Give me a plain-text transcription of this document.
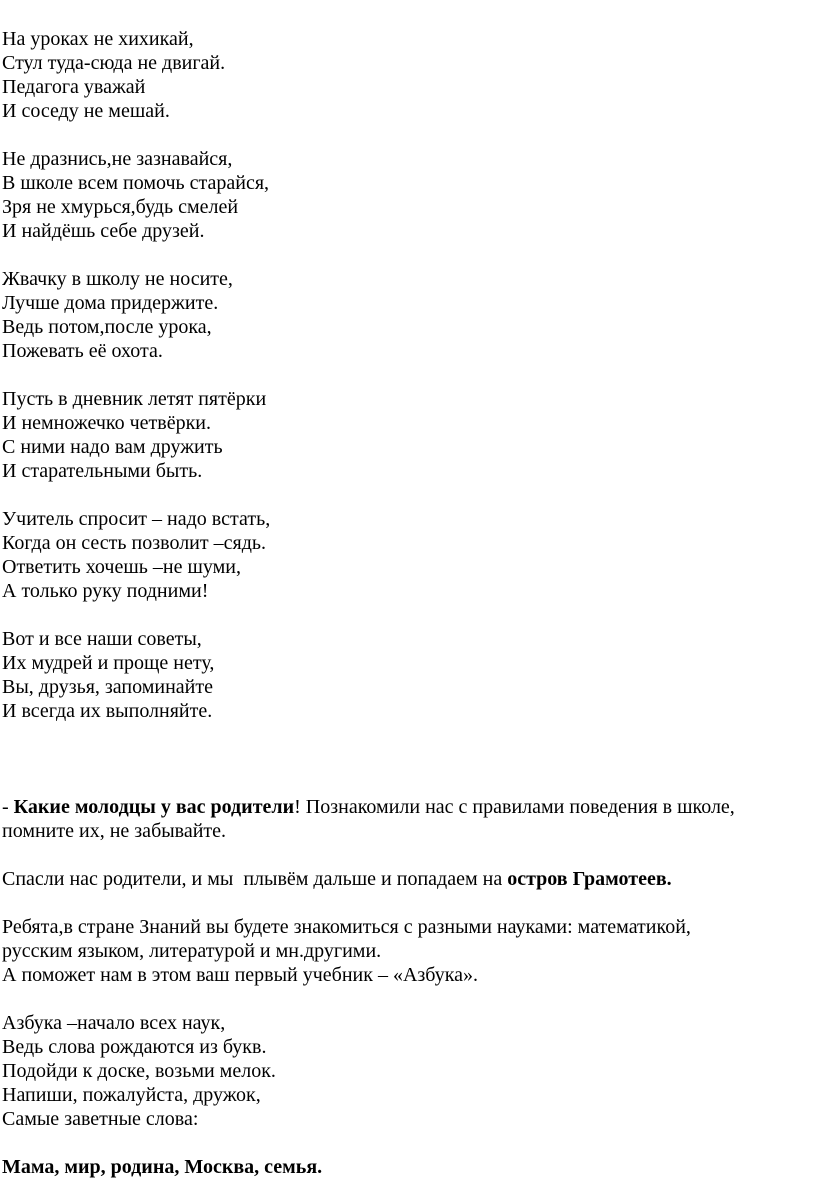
На уроках не хихикай,
Стул туда-сюда не двигай.
Педагога уважай
И соседу не мешай.
Не дразнись,не зазнавайся,
В школе всем помочь старайся,
Зря не хмурься,будь смелей
И найдёшь себе друзей.
Жвачку в школу не носите,
Лучше дома придержите.
Ведь потом,после урока,
Пожевать её охота.
Пусть в дневник летят пятёрки
И немножечко четвёрки.
С ними надо вам дружить
И старательными быть.
Учитель спросит – надо встать,
Когда он сесть позволит –сядь.
Ответить хочешь –не шуми,
А только руку подними!
Вот и все наши советы,
Их мудрей и проще нету,
Вы, друзья, запоминайте
И всегда их выполняйте.
- Какие молодцы у вас родители! Познакомили нас с правилами поведения в школе,
помните их, не забывайте.
Спасли нас родители, и мы  плывём дальше и попадаем на остров Грамотеев.
Ребята,в стране Знаний вы будете знакомиться с разными науками: математикой,
русским языком, литературой и мн.другими.
А поможет нам в этом ваш первый учебник – «Азбука».
Азбука –начало всех наук,
Ведь слова рождаются из букв.
Подойди к доске, возьми мелок.
Напиши, пожалуйста, дружок,
Самые заветные слова:
Мама, мир, родина, Москва, семья.
